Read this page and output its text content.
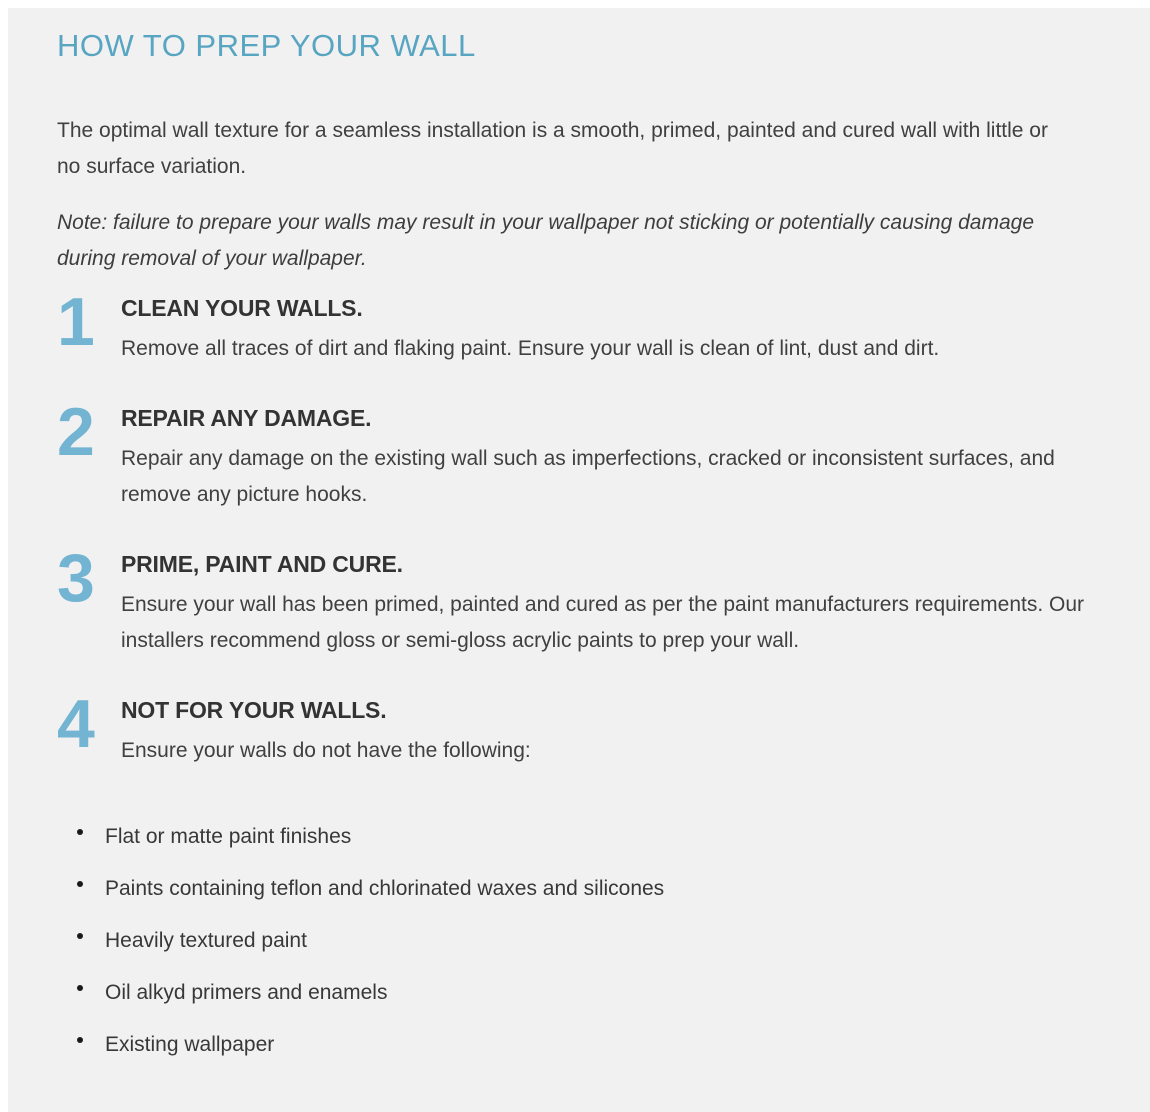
HOW TO PREP YOUR WALL

The optimal wall texture for a seamless installation is a smooth, primed, painted and cured wall with little or no surface variation.

Note: failure to prepare your walls may result in your wallpaper not sticking or potentially causing damage during removal of your wallpaper.

1	CLEAN YOUR WALLS.

Remove all traces of dirt and flaking paint. Ensure your wall is clean of lint, dust and dirt.

2	REPAIR ANY DAMAGE.

Repair any damage on the existing wall such as imperfections, cracked or inconsistent surfaces, and remove any picture hooks.

3	PRIME, PAINT AND CURE.

Ensure your wall has been primed, painted and cured as per the paint manufacturers requirements. Our installers recommend gloss or semi-gloss acrylic paints to prep your wall.

4	NOT FOR YOUR WALLS.

Ensure your walls do not have the following:

Flat or matte paint finishes
Paints containing teflon and chlorinated waxes and silicones
Heavily textured paint
Oil alkyd primers and enamels
Existing wallpaper
